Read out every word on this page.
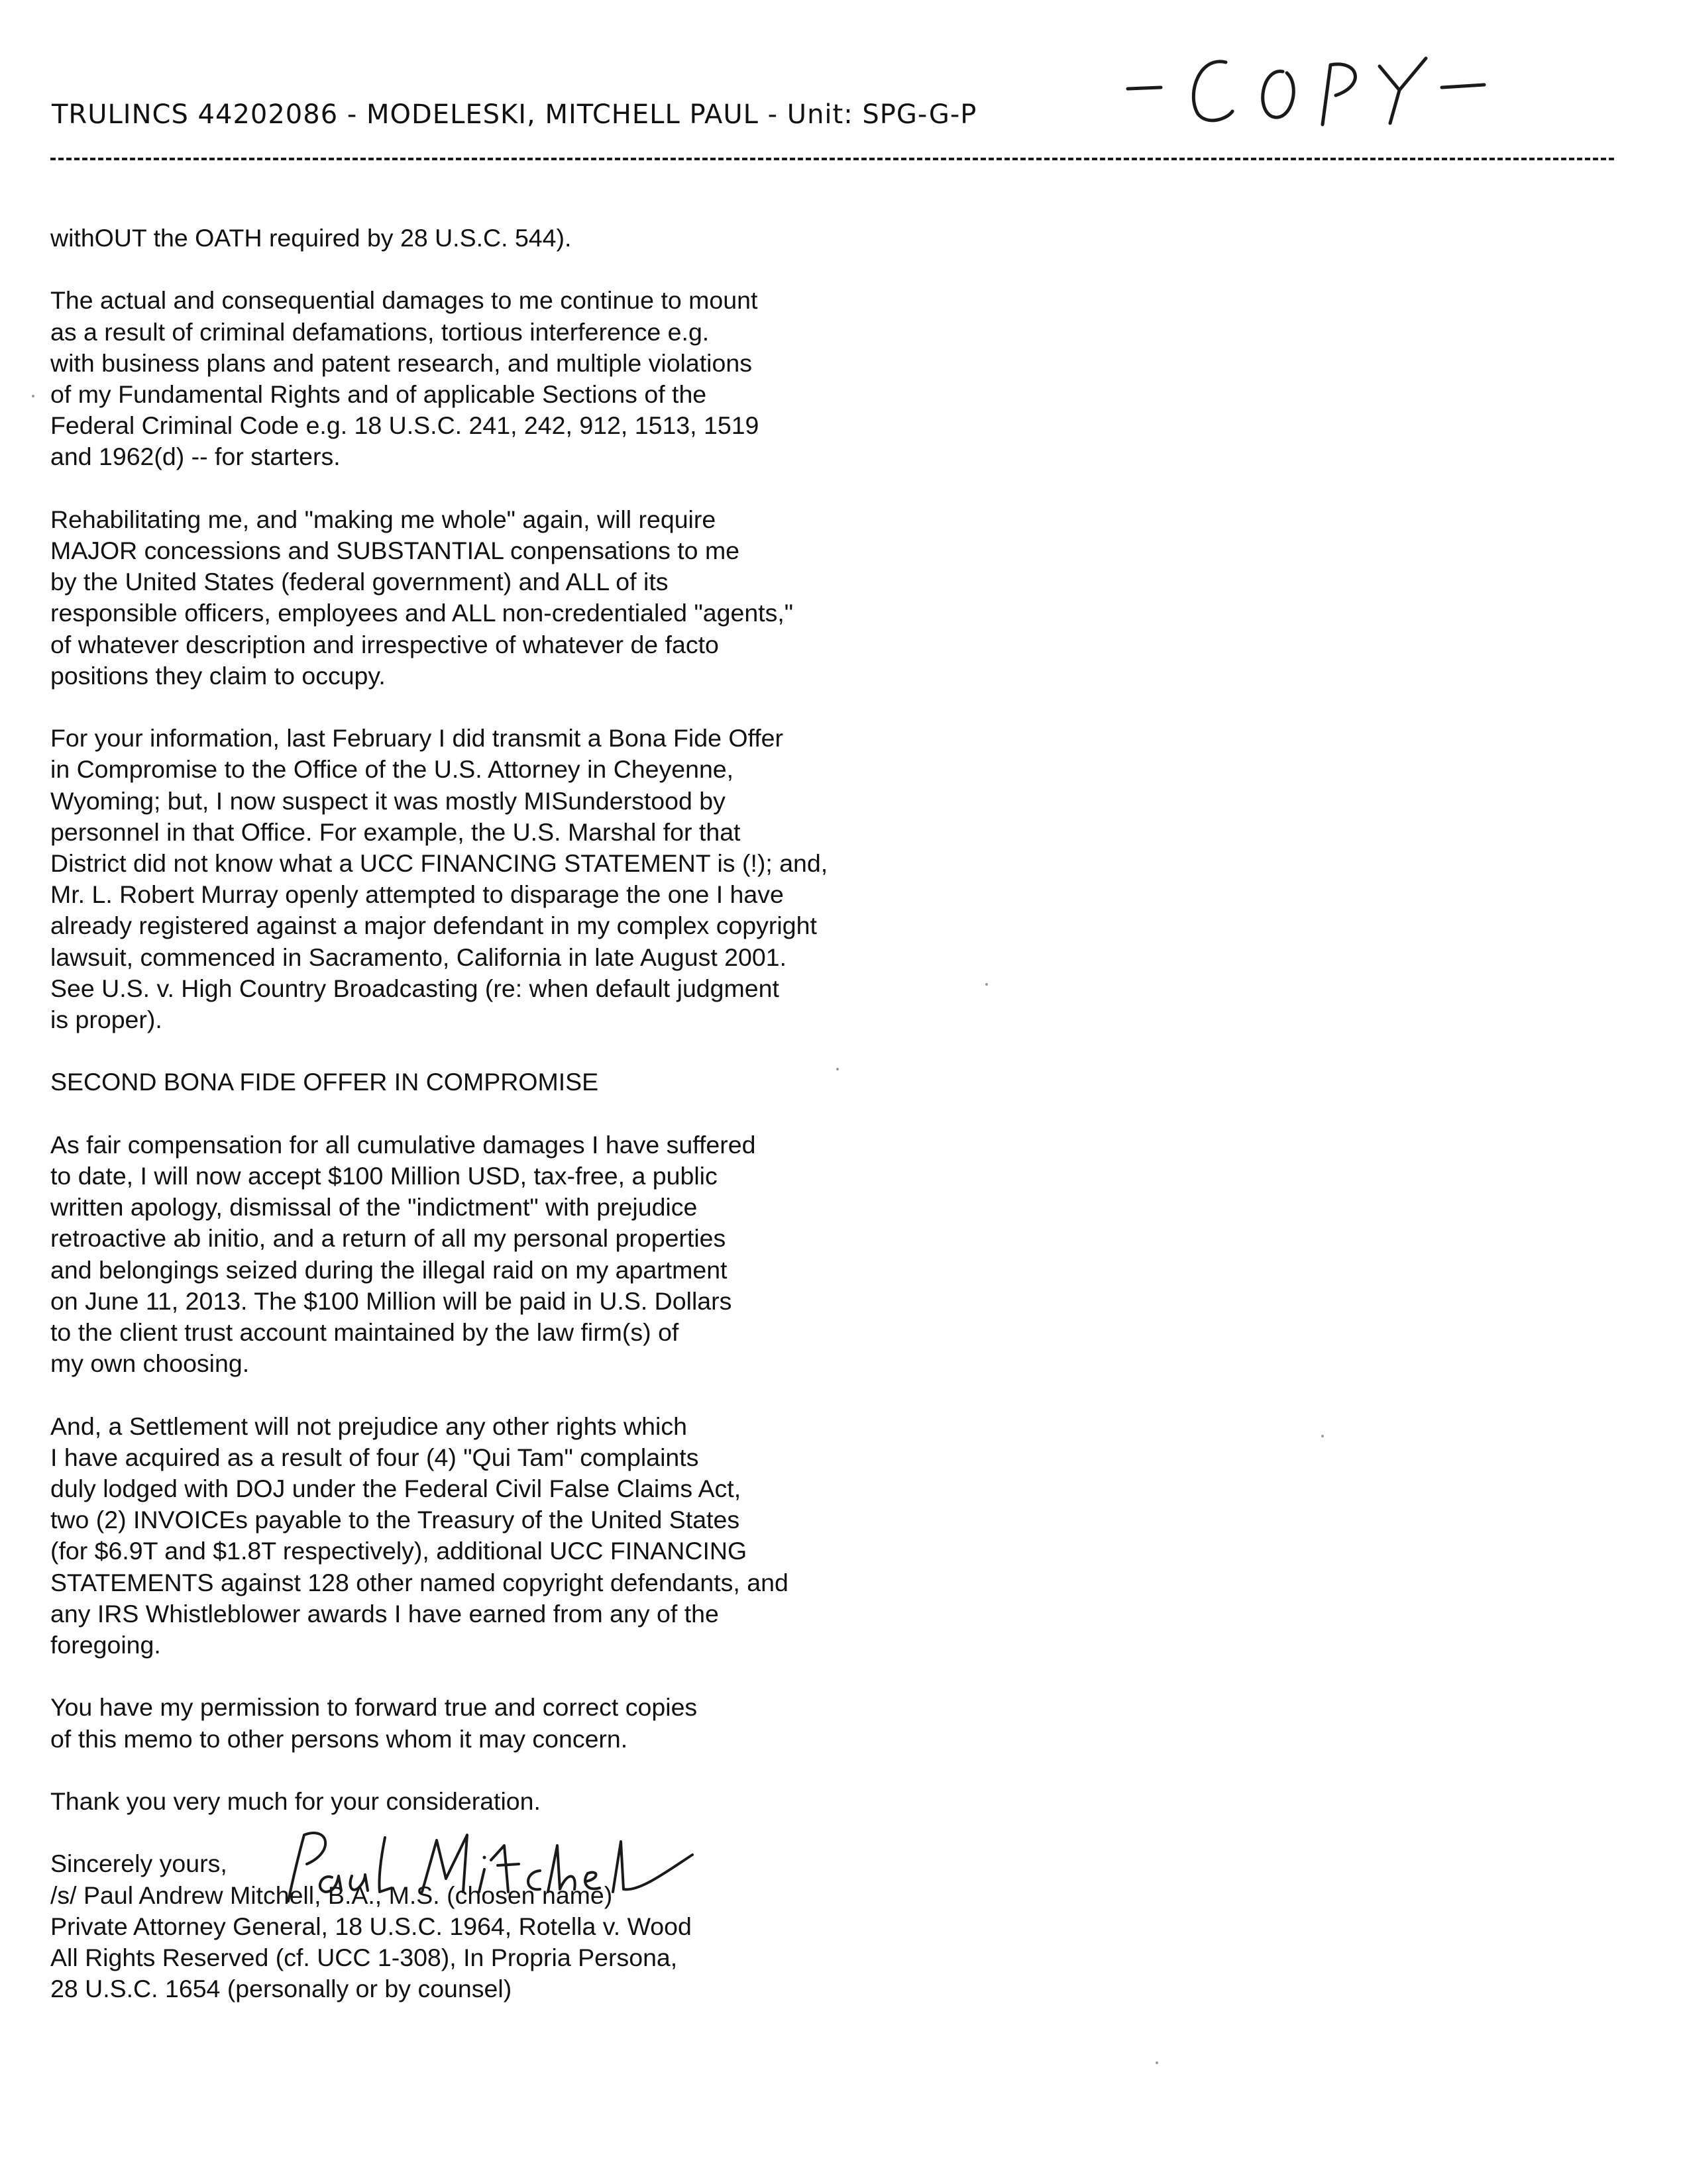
TRULINCS 44202086 - MODELESKI, MITCHELL PAUL - Unit: SPG-G-P

withOUT the OATH required by 28 U.S.C. 544).

The actual and consequential damages to me continue to mount
as a result of criminal defamations, tortious interference e.g.
with business plans and patent research, and multiple violations
of my Fundamental Rights and of applicable Sections of the
Federal Criminal Code e.g. 18 U.S.C. 241, 242, 912, 1513, 1519
and 1962(d) -- for starters.

Rehabilitating me, and "making me whole" again, will require
MAJOR concessions and SUBSTANTIAL conpensations to me
by the United States (federal government) and ALL of its
responsible officers, employees and ALL non-credentialed "agents,"
of whatever description and irrespective of whatever de facto
positions they claim to occupy.

For your information, last February I did transmit a Bona Fide Offer
in Compromise to the Office of the U.S. Attorney in Cheyenne,
Wyoming; but, I now suspect it was mostly MISunderstood by
personnel in that Office. For example, the U.S. Marshal for that
District did not know what a UCC FINANCING STATEMENT is (!); and,
Mr. L. Robert Murray openly attempted to disparage the one I have
already registered against a major defendant in my complex copyright
lawsuit, commenced in Sacramento, California in late August 2001.
See U.S. v. High Country Broadcasting (re: when default judgment
is proper).

SECOND BONA FIDE OFFER IN COMPROMISE

As fair compensation for all cumulative damages I have suffered
to date, I will now accept $100 Million USD, tax-free, a public
written apology, dismissal of the "indictment" with prejudice
retroactive ab initio, and a return of all my personal properties
and belongings seized during the illegal raid on my apartment
on June 11, 2013. The $100 Million will be paid in U.S. Dollars
to the client trust account maintained by the law firm(s) of
my own choosing.

And, a Settlement will not prejudice any other rights which
I have acquired as a result of four (4) "Qui Tam" complaints
duly lodged with DOJ under the Federal Civil False Claims Act,
two (2) INVOICEs payable to the Treasury of the United States
(for $6.9T and $1.8T respectively), additional UCC FINANCING
STATEMENTS against 128 other named copyright defendants, and
any IRS Whistleblower awards I have earned from any of the
foregoing.

You have my permission to forward true and correct copies
of this memo to other persons whom it may concern.

Thank you very much for your consideration.

Sincerely yours,

/s/ Paul Andrew Mitchell, B.A., M.S. (chosen name)
Private Attorney General, 18 U.S.C. 1964, Rotella v. Wood
All Rights Reserved (cf. UCC 1-308), In Propria Persona,
28 U.S.C. 1654 (personally or by counsel)
